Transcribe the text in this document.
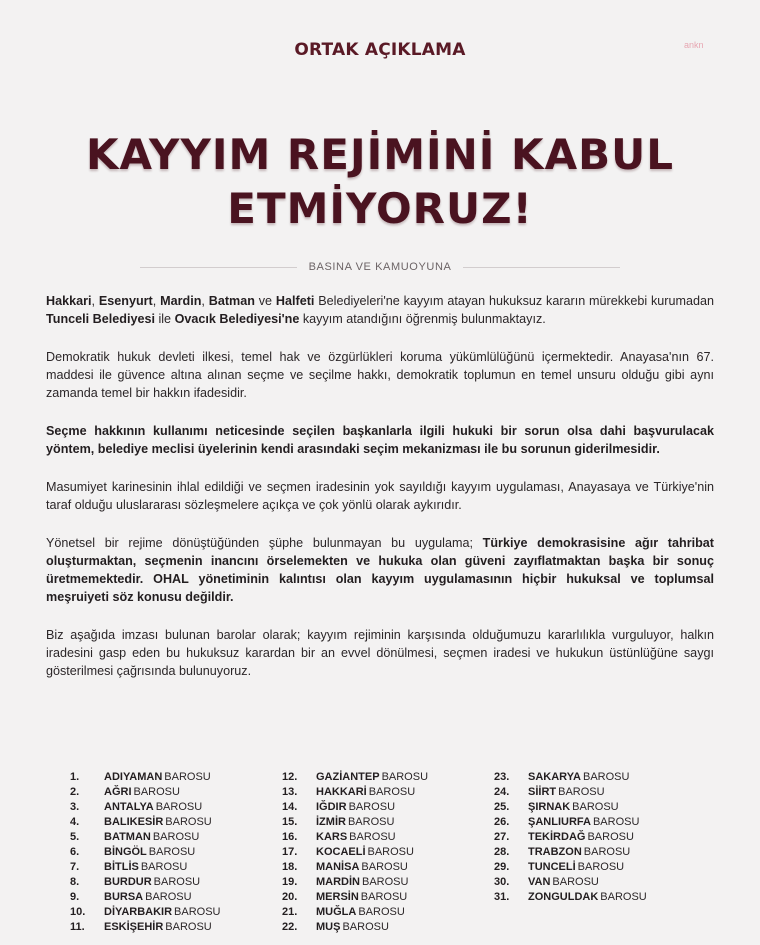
ORTAK AÇIKLAMA	ankn
KAYYIM REJİMİNİ KABUL
ETMİYORUZ!
BASINA VE KAMUOYUNA

Hakkari, Esenyurt, Mardin, Batman ve Halfeti Belediyeleri'ne kayyım atayan hukuksuz kararın mürekkebi kurumadan Tunceli Belediyesi ile Ovacık Belediyesi'ne kayyım atandığını öğrenmiş bulunmaktayız.

Demokratik hukuk devleti ilkesi, temel hak ve özgürlükleri koruma yükümlülüğünü içermektedir. Anayasa'nın 67. maddesi ile güvence altına alınan seçme ve seçilme hakkı, demokratik toplumun en temel unsuru olduğu gibi aynı zamanda temel bir hakkın ifadesidir.

Seçme hakkının kullanımı neticesinde seçilen başkanlarla ilgili hukuki bir sorun olsa dahi başvurulacak yöntem, belediye meclisi üyelerinin kendi arasındaki seçim mekanizması ile bu sorunun giderilmesidir.

Masumiyet karinesinin ihlal edildiği ve seçmen iradesinin yok sayıldığı kayyım uygulaması, Anayasaya ve Türkiye'nin taraf olduğu uluslararası sözleşmelere açıkça ve çok yönlü olarak aykırıdır.

Yönetsel bir rejime dönüştüğünden şüphe bulunmayan bu uygulama; Türkiye demokrasisine ağır tahribat oluşturmaktan, seçmenin inancını örselemekten ve hukuka olan güveni zayıflatmaktan başka bir sonuç üretmemektedir. OHAL yönetiminin kalıntısı olan kayyım uygulamasının hiçbir hukuksal ve toplumsal meşruiyeti söz konusu değildir.

Biz aşağıda imzası bulunan barolar olarak; kayyım rejiminin karşısında olduğumuzu kararlılıkla vurguluyor, halkın iradesini gasp eden bu hukuksuz karardan bir an evvel dönülmesi, seçmen iradesi ve hukukun üstünlüğüne saygı gösterilmesi çağrısında bulunuyoruz.

1.	ADIYAMAN BAROSU
2.	AĞRI BAROSU
3.	ANTALYA BAROSU
4.	BALIKESİR BAROSU
5.	BATMAN BAROSU
6.	BİNGÖL BAROSU
7.	BİTLİS BAROSU
8.	BURDUR BAROSU
9.	BURSA BAROSU
10.	DİYARBAKIR BAROSU
11.	ESKİŞEHİR BAROSU
12.	GAZİANTEP BAROSU
13.	HAKKARİ BAROSU
14.	IĞDIR BAROSU
15.	İZMİR BAROSU
16.	KARS BAROSU
17.	KOCAELİ BAROSU
18.	MANİSA BAROSU
19.	MARDİN BAROSU
20.	MERSİN BAROSU
21.	MUĞLA BAROSU
22.	MUŞ BAROSU
23.	SAKARYA BAROSU
24.	SİİRT BAROSU
25.	ŞIRNAK BAROSU
26.	ŞANLIURFA BAROSU
27.	TEKİRDAĞ BAROSU
28.	TRABZON BAROSU
29.	TUNCELİ BAROSU
30.	VAN BAROSU
31.	ZONGULDAK BAROSU
